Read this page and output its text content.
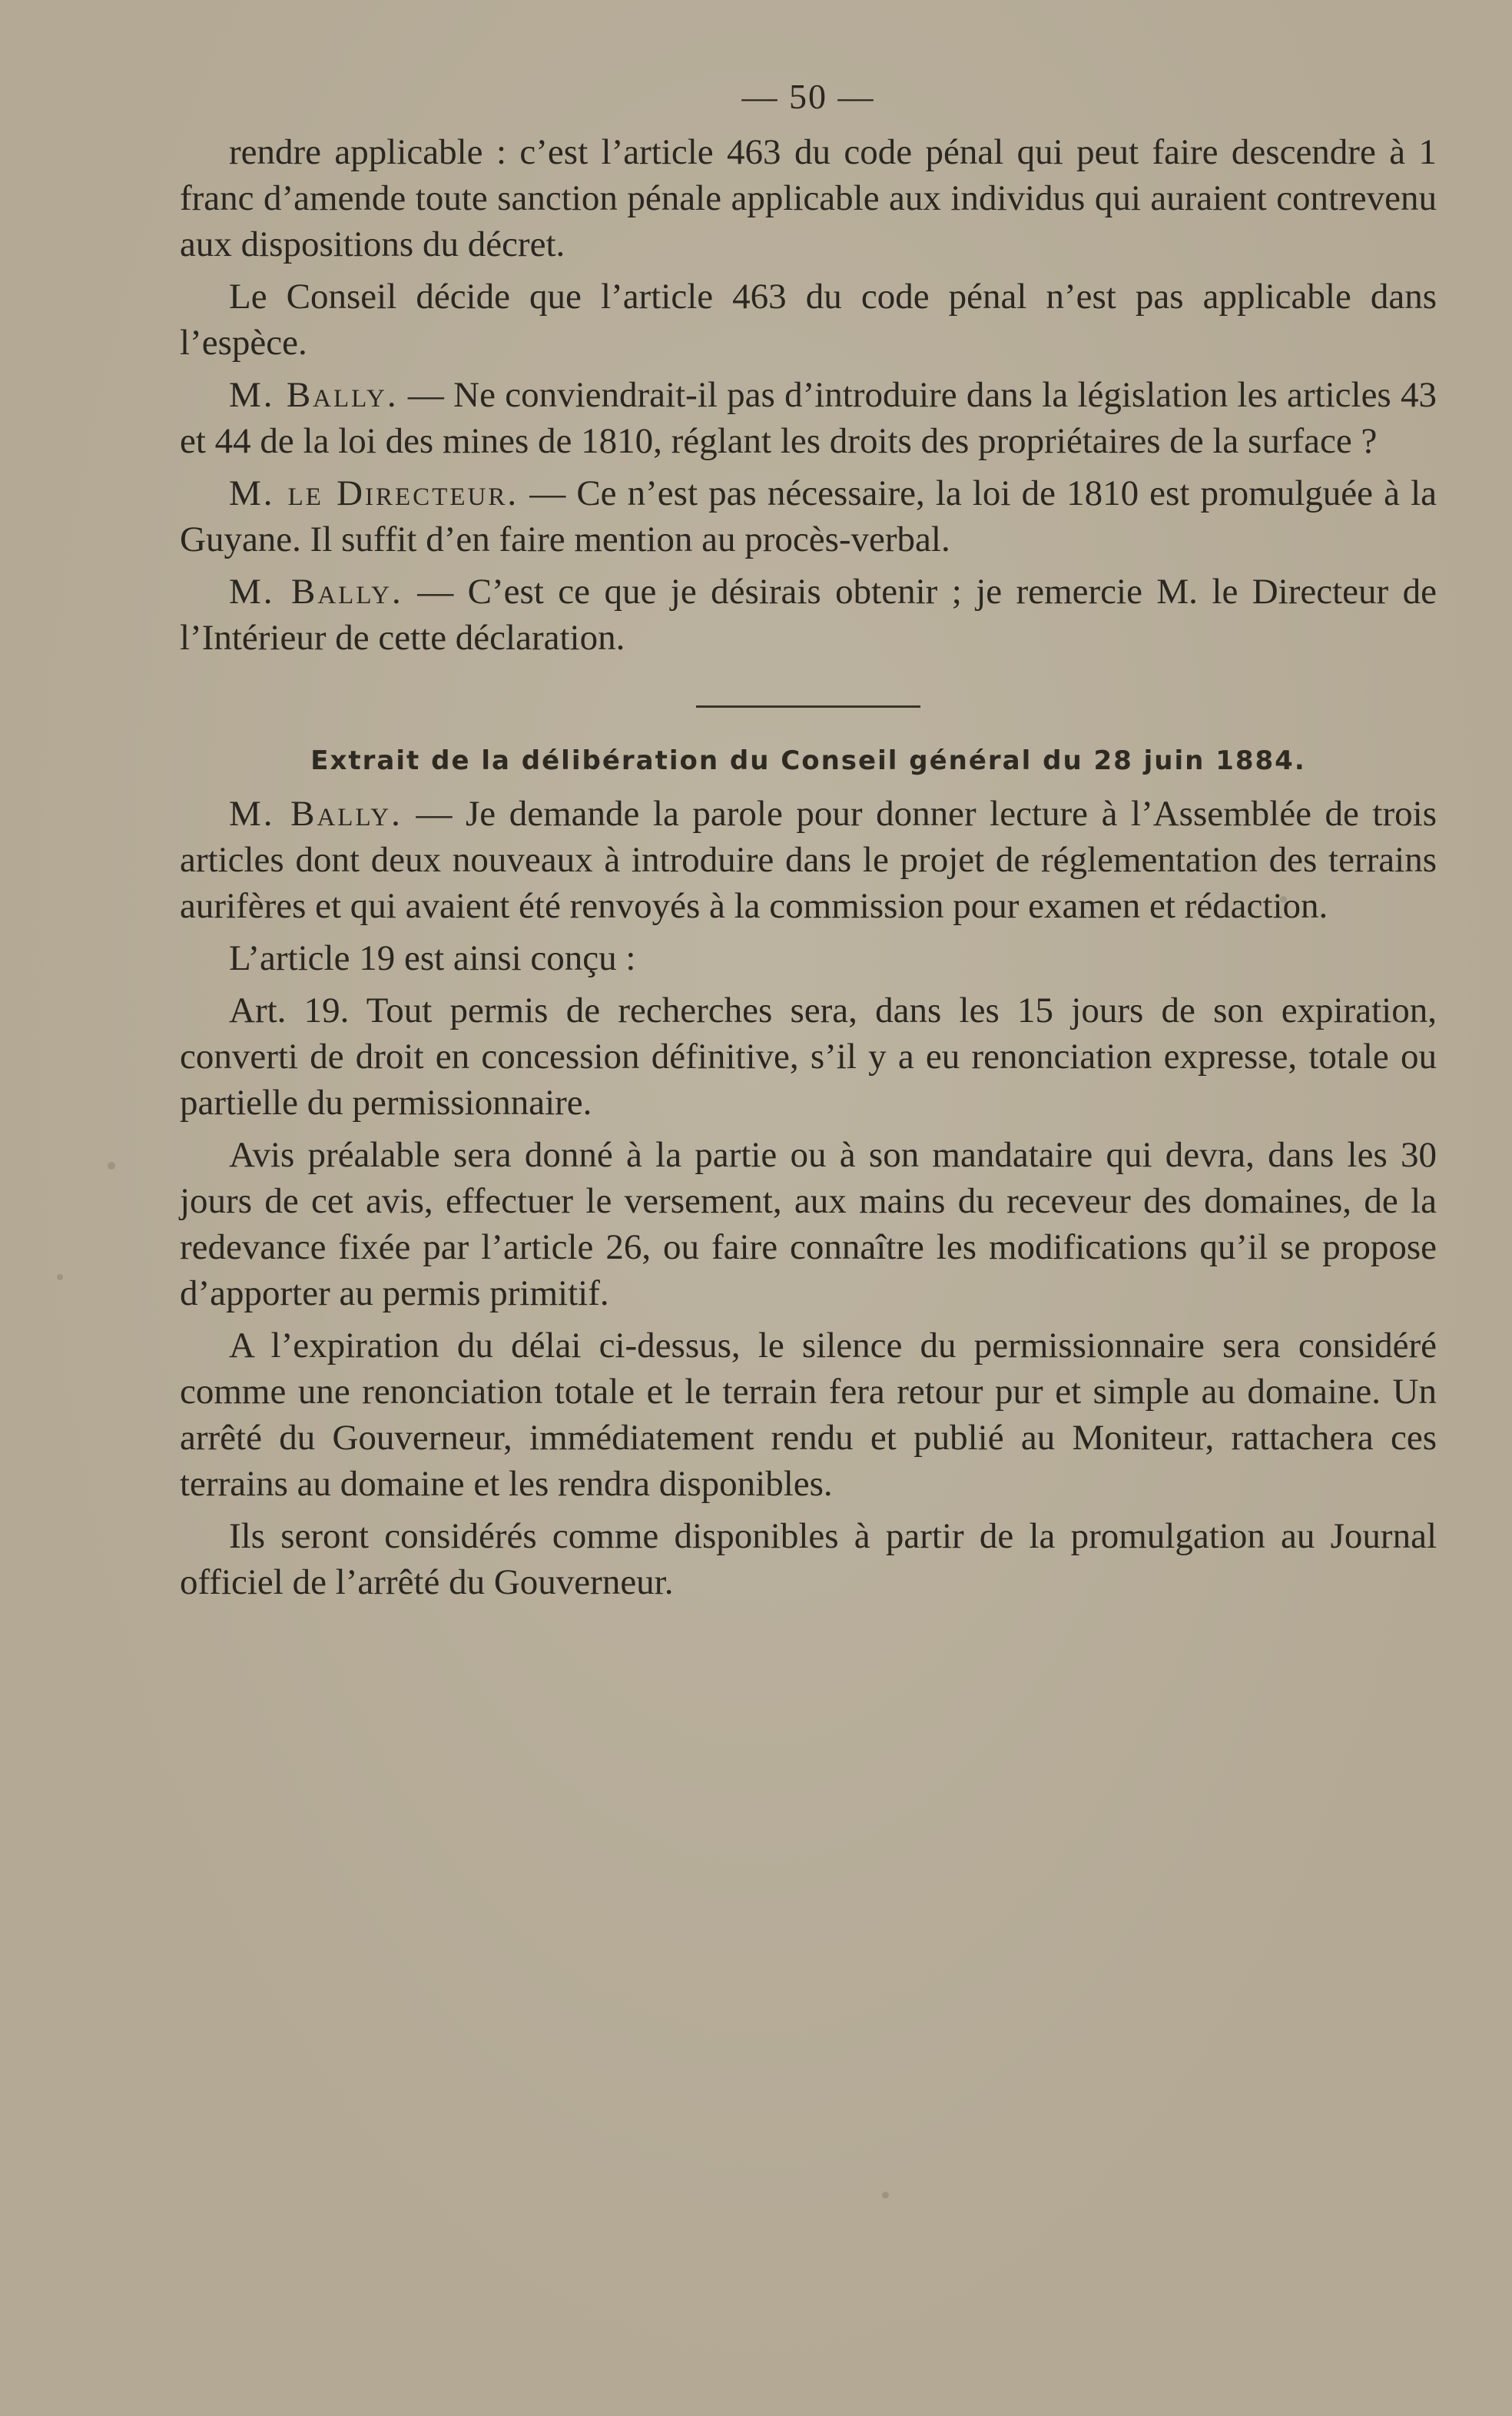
— 50 —

rendre applicable : c’est l’article 463 du code pénal qui peut faire descendre à 1 franc d’amende toute sanction pénale applicable aux individus qui auraient contrevenu aux dispositions du décret.

Le Conseil décide que l’article 463 du code pénal n’est pas applicable dans l’espèce.

M. Bally. — Ne conviendrait-il pas d’introduire dans la législation les articles 43 et 44 de la loi des mines de 1810, réglant les droits des propriétaires de la surface ?

M. le Directeur. — Ce n’est pas nécessaire, la loi de 1810 est promulguée à la Guyane. Il suffit d’en faire mention au procès-verbal.

M. Bally. — C’est ce que je désirais obtenir ; je remercie M. le Directeur de l’Intérieur de cette déclaration.

Extrait de la délibération du Conseil général du 28 juin 1884.

M. Bally. — Je demande la parole pour donner lecture à l’Assemblée de trois articles dont deux nouveaux à introduire dans le projet de réglementation des terrains aurifères et qui avaient été renvoyés à la commission pour examen et rédaction.

L’article 19 est ainsi conçu :

Art. 19. Tout permis de recherches sera, dans les 15 jours de son expiration, converti de droit en concession définitive, s’il y a eu renonciation expresse, totale ou partielle du permissionnaire.

Avis préalable sera donné à la partie ou à son mandataire qui devra, dans les 30 jours de cet avis, effectuer le versement, aux mains du receveur des domaines, de la redevance fixée par l’article 26, ou faire connaître les modifications qu’il se propose d’apporter au permis primitif.

A l’expiration du délai ci-dessus, le silence du permissionnaire sera considéré comme une renonciation totale et le terrain fera retour pur et simple au domaine. Un arrêté du Gouverneur, immédiatement rendu et publié au Moniteur, rattachera ces terrains au domaine et les rendra disponibles.

Ils seront considérés comme disponibles à partir de la promulgation au Journal officiel de l’arrêté du Gouverneur.
